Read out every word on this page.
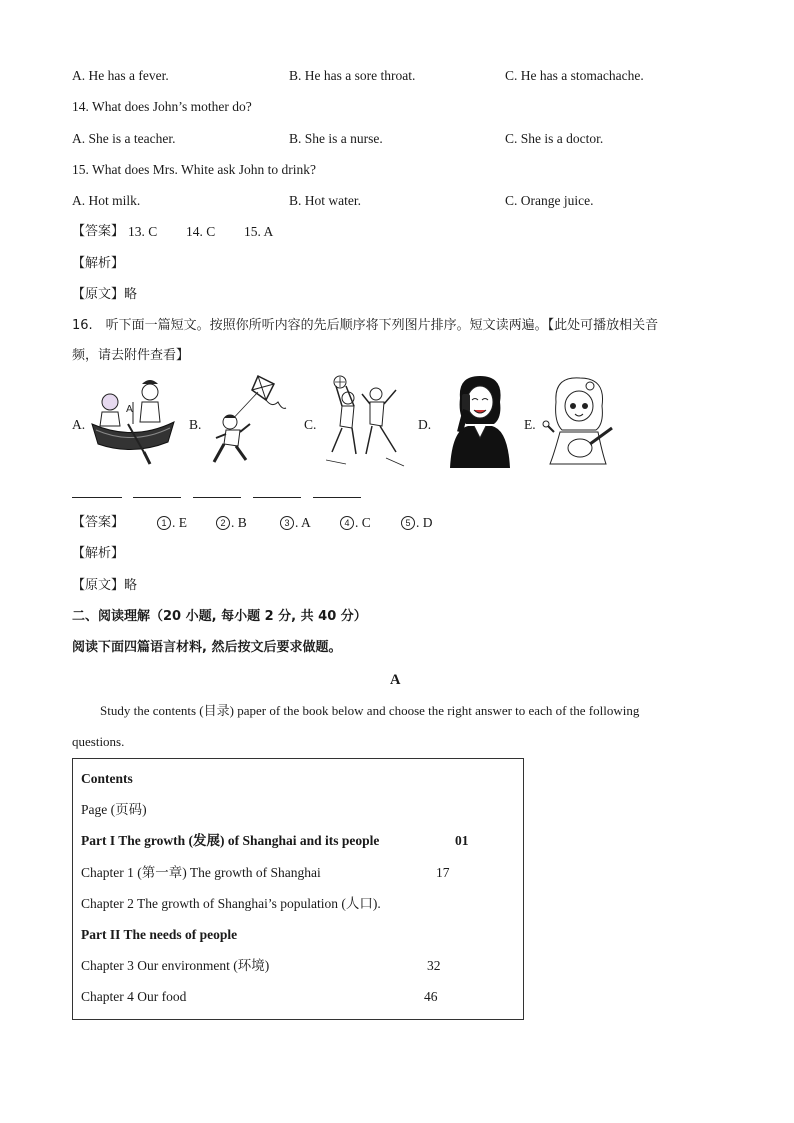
A. He has a fever.	B. He has a sore throat.	C. He has a stomachache.
14. What does John’s mother do?
A. She is a teacher.	B. She is a nurse.	C. She is a doctor.
15. What does Mrs. White ask John to drink?
A. Hot milk.	B. Hot water.	C. Orange juice.
【答案】 13. C 14. C 15. A
【解析】
【原文】略
16.　听下面一篇短文。按照你所听内容的先后顺序将下列图片排序。短文读两遍。【此处可播放相关音
频，请去附件查看】
A.	B.	C.	D.	E.
A
【答案】	1 . E	2 . B	3 . A	4 . C	5 . D
【解析】
【原文】略
二、阅读理解（20 小题, 每小题 2 分, 共 40 分）
阅读下面四篇语言材料, 然后按文后要求做题。
A
Study the contents (目录) paper of the book below and choose the right answer to each of the following
questions.
Contents
Page (页码)
Part I The growth (发展) of Shanghai and its people	01
Chapter 1 (第一章) The growth of Shanghai	17
Chapter 2 The growth of Shanghai’s population (人口).
Part II The needs of people
Chapter 3 Our environment (环境)	32
Chapter 4 Our food	46
